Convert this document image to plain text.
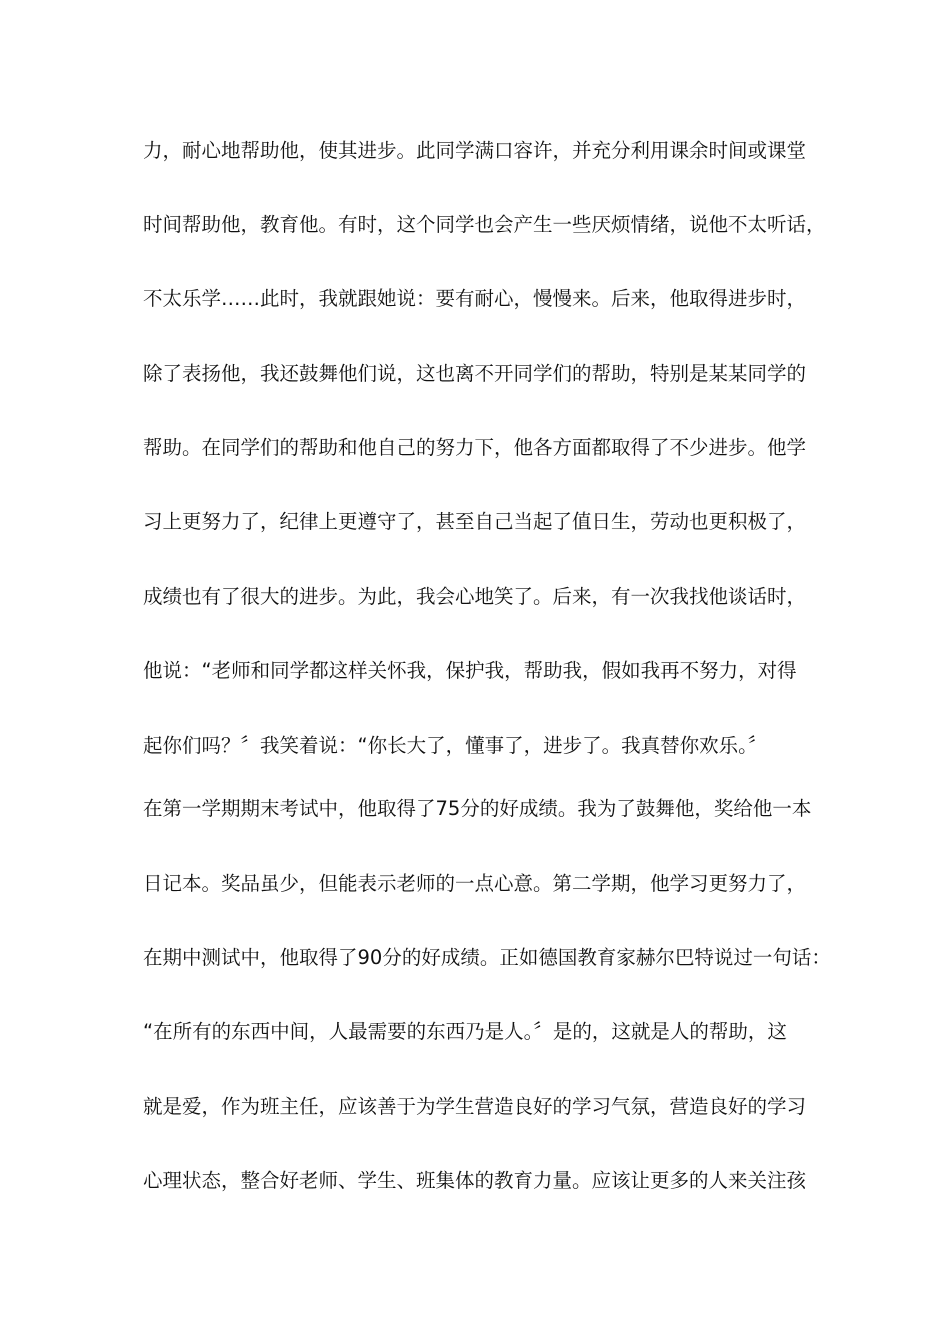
力，耐心地帮助他，使其进步。此同学满口容许，并充分利用课余时间或课堂
时间帮助他，教育他。有时，这个同学也会产生一些厌烦情绪，说他不太听话，
不太乐学……此时，我就跟她说：要有耐心，慢慢来。后来，他取得进步时，
除了表扬他，我还鼓舞他们说，这也离不开同学们的帮助，特别是某某同学的
帮助。在同学们的帮助和他自己的努力下，他各方面都取得了不少进步。他学
习上更努力了，纪律上更遵守了，甚至自己当起了值日生，劳动也更积极了，
成绩也有了很大的进步。为此，我会心地笑了。后来，有一次我找他谈话时，
他说：“老师和同学都这样关怀我，保护我，帮助我，假如我再不努力，对得
起你们吗？〞我笑着说：“你长大了，懂事了，进步了。我真替你欢乐。〞
在第一学期期末考试中，他取得了75分的好成绩。我为了鼓舞他，奖给他一本
日记本。奖品虽少，但能表示老师的一点心意。第二学期，他学习更努力了，
在期中测试中，他取得了90分的好成绩。正如德国教育家赫尔巴特说过一句话：
“在所有的东西中间，人最需要的东西乃是人。〞是的，这就是人的帮助，这
就是爱，作为班主任，应该善于为学生营造良好的学习气氛，营造良好的学习
心理状态，整合好老师、学生、班集体的教育力量。应该让更多的人来关注孩
